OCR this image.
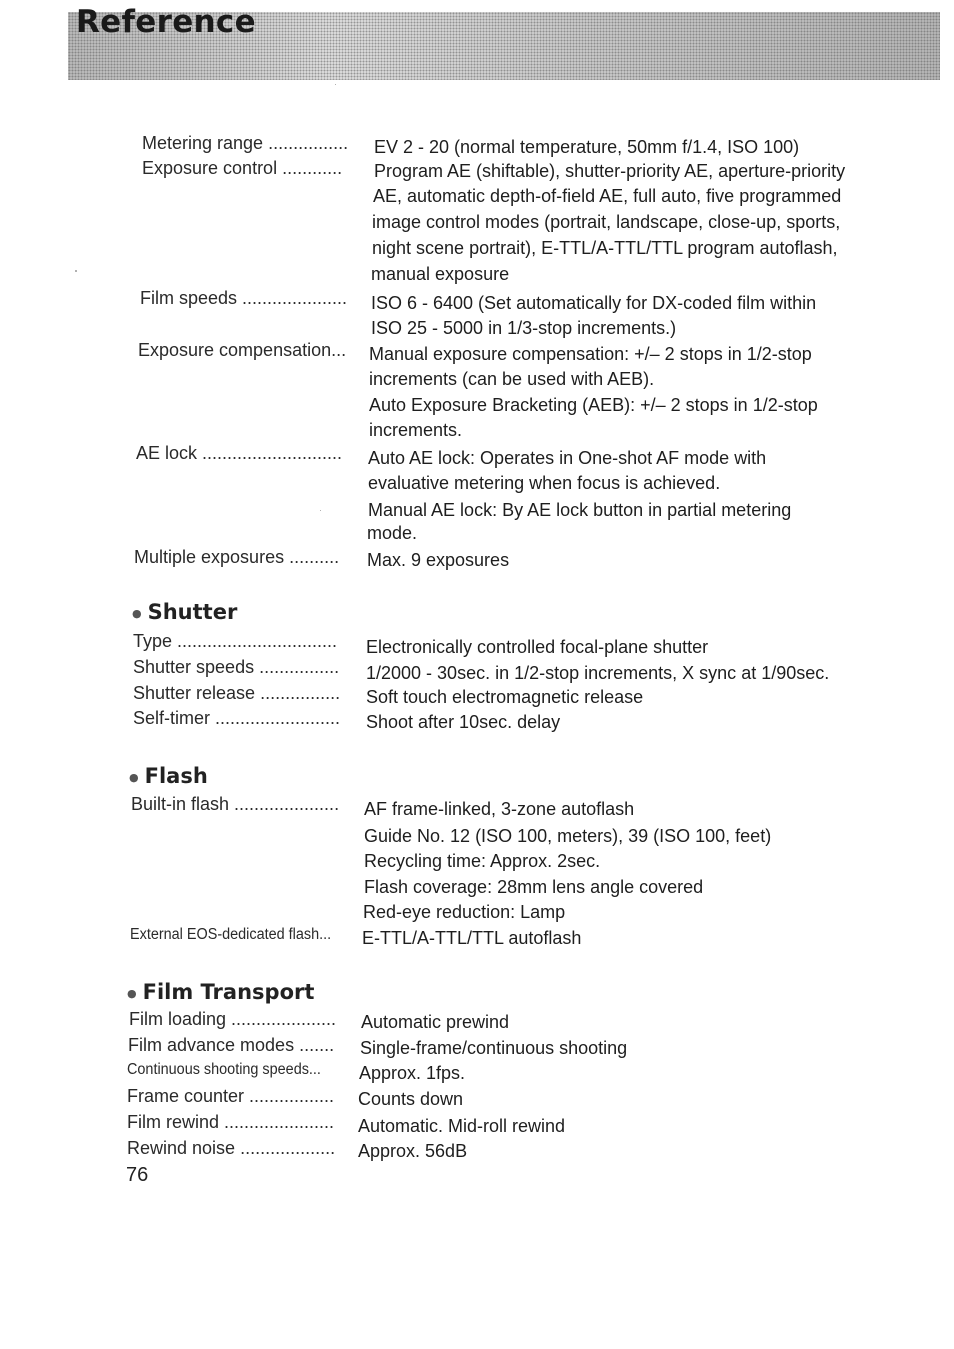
Reference
Metering range ................ EV 2 - 20 (normal temperature, 50mm f/1.4, ISO 100)
Exposure control ............ Program AE (shiftable), shutter-priority AE, aperture-priority
AE, automatic depth-of-field AE, full auto, five programmed
image control modes (portrait, landscape, close-up, sports,
night scene portrait), E-TTL/A-TTL/TTL program autoflash,
manual exposure
Film speeds ..................... ISO 6 - 6400 (Set automatically for DX-coded film within
ISO 25 - 5000 in 1/3-stop increments.)
Exposure compensation... Manual exposure compensation: +/– 2 stops in 1/2-stop
increments (can be used with AEB).
Auto Exposure Bracketing (AEB): +/– 2 stops in 1/2-stop
increments.
AE lock ............................ Auto AE lock: Operates in One-shot AF mode with
evaluative metering when focus is achieved.
Manual AE lock: By AE lock button in partial metering
mode.
Multiple exposures .......... Max. 9 exposures
● Shutter
Type ................................ Electronically controlled focal-plane shutter
Shutter speeds ................ 1/2000 - 30sec. in 1/2-stop increments, X sync at 1/90sec.
Shutter release ................ Soft touch electromagnetic release
Self-timer ......................... Shoot after 10sec. delay
● Flash
Built-in flash ..................... AF frame-linked, 3-zone autoflash
Guide No. 12 (ISO 100, meters), 39 (ISO 100, feet)
Recycling time: Approx. 2sec.
Flash coverage: 28mm lens angle covered
Red-eye reduction: Lamp
External EOS-dedicated flash... E-TTL/A-TTL/TTL autoflash
● Film Transport
Film loading ..................... Automatic prewind
Film advance modes ....... Single-frame/continuous shooting
Continuous shooting speeds... Approx. 1fps.
Frame counter ................. Counts down
Film rewind ...................... Automatic. Mid-roll rewind
Rewind noise ................... Approx. 56dB
76
